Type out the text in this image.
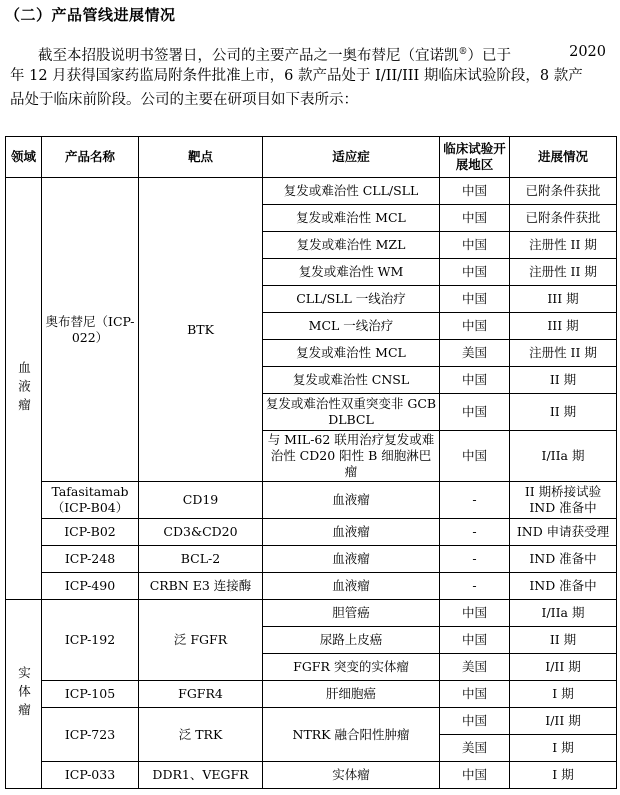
（二）产品管线进展情况
2020
截至本招股说明书签署日，公司的主要产品之一奥布替尼（宜诺凯®）已于
年 12 月获得国家药监局附条件批准上市，6 款产品处于 I/II/III 期临床试验阶段，8 款产
品处于临床前阶段。公司的主要在研项目如下表所示：
领域	产品名称	靶点	适应症	临床试验开展地区	进展情况
血液瘤	奥布替尼（ICP-022）	BTK	复发或难治性 CLL/SLL	中国	已附条件获批
			复发或难治性 MCL	中国	已附条件获批
			复发或难治性 MZL	中国	注册性 II 期
			复发或难治性 WM	中国	注册性 II 期
			CLL/SLL 一线治疗	中国	III 期
			MCL 一线治疗	中国	III 期
			复发或难治性 MCL	美国	注册性 II 期
			复发或难治性 CNSL	中国	II 期
			复发或难治性双重突变非 GCB DLBCL	中国	II 期
			与 MIL-62 联用治疗复发或难治性 CD20 阳性 B 细胞淋巴瘤	中国	I/IIa 期
	Tafasitamab（ICP-B04）	CD19	血液瘤	-	II 期桥接试验 IND 准备中
	ICP-B02	CD3&CD20	血液瘤	-	IND 申请获受理
	ICP-248	BCL-2	血液瘤	-	IND 准备中
	ICP-490	CRBN E3 连接酶	血液瘤	-	IND 准备中
实体瘤	ICP-192	泛 FGFR	胆管癌	中国	I/IIa 期
			尿路上皮癌	中国	II 期
			FGFR 突变的实体瘤	美国	I/II 期
	ICP-105	FGFR4	肝细胞癌	中国	I 期
	ICP-723	泛 TRK	NTRK 融合阳性肿瘤	中国	I/II 期
				美国	I 期
	ICP-033	DDR1、VEGFR	实体瘤	中国	I 期
